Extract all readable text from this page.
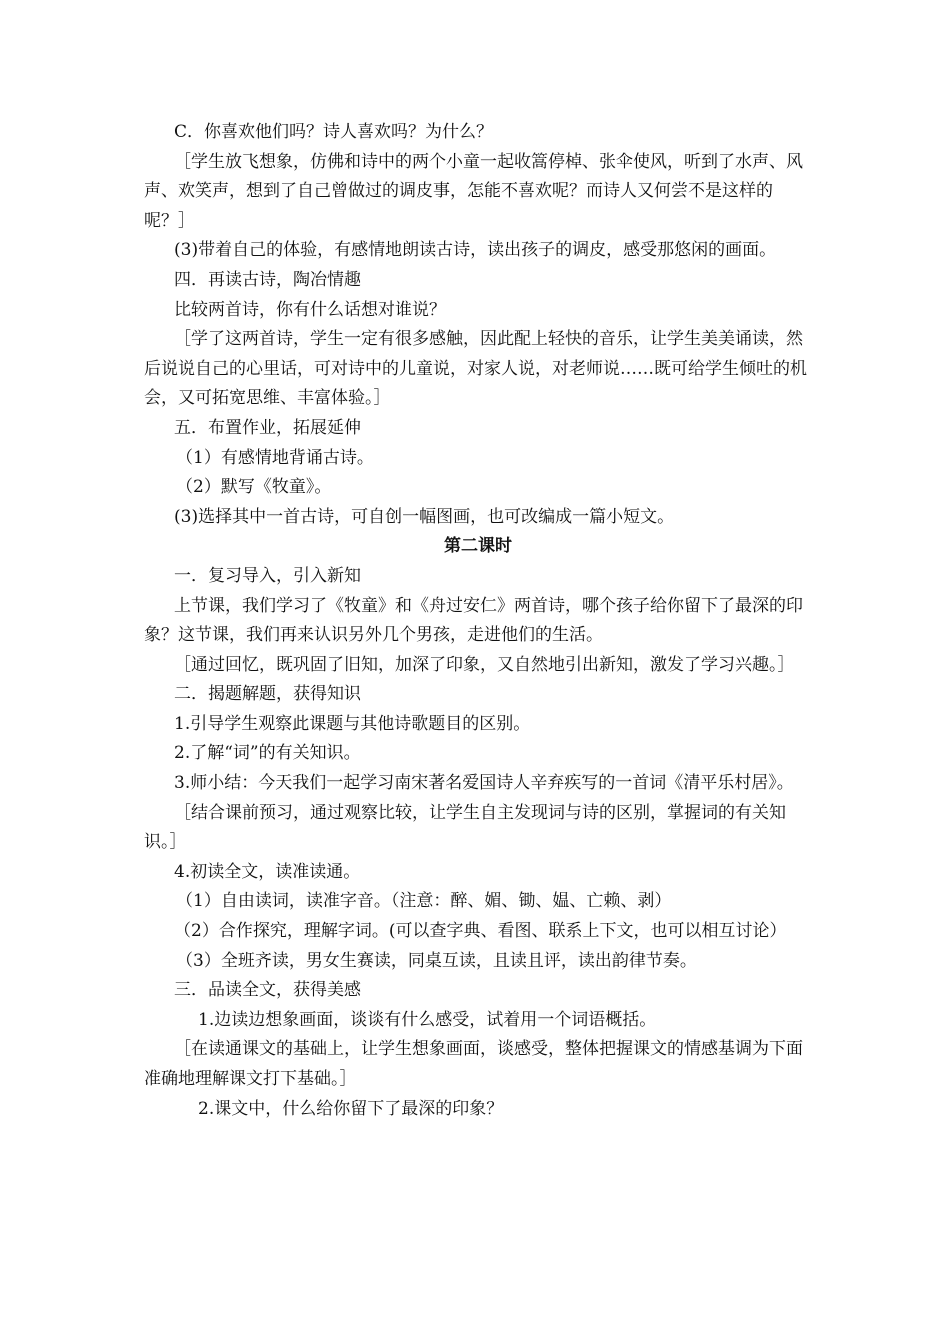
C．你喜欢他们吗？诗人喜欢吗？为什么？
［学生放飞想象，仿佛和诗中的两个小童一起收篙停棹、张伞使风，听到了水声、风声、欢笑声，想到了自己曾做过的调皮事，怎能不喜欢呢？而诗人又何尝不是这样的呢？］
(3)带着自己的体验，有感情地朗读古诗，读出孩子的调皮，感受那悠闲的画面。
四．再读古诗，陶冶情趣
比较两首诗，你有什么话想对谁说？
［学了这两首诗，学生一定有很多感触，因此配上轻快的音乐，让学生美美诵读，然后说说自己的心里话，可对诗中的儿童说，对家人说，对老师说……既可给学生倾吐的机会，又可拓宽思维、丰富体验。］
五．布置作业，拓展延伸
（1）有感情地背诵古诗。
（2）默写《牧童》。
(3)选择其中一首古诗，可自创一幅图画，也可改编成一篇小短文。
第二课时
一．复习导入，引入新知
上节课，我们学习了《牧童》和《舟过安仁》两首诗，哪个孩子给你留下了最深的印象？这节课，我们再来认识另外几个男孩，走进他们的生活。
［通过回忆，既巩固了旧知，加深了印象，又自然地引出新知，激发了学习兴趣。］
二．揭题解题，获得知识
1.引导学生观察此课题与其他诗歌题目的区别。
2.了解“词”的有关知识。
3.师小结：今天我们一起学习南宋著名爱国诗人辛弃疾写的一首词《清平乐村居》。
［结合课前预习，通过观察比较，让学生自主发现词与诗的区别，掌握词的有关知识。］
4.初读全文，读准读通。
（1）自由读词，读准字音。（注意：醉、媚、锄、媪、亡赖、剥）
（2）合作探究，理解字词。(可以查字典、看图、联系上下文，也可以相互讨论）
（3）全班齐读，男女生赛读，同桌互读，且读且评，读出韵律节奏。
三．品读全文，获得美感
1.边读边想象画面，谈谈有什么感受，试着用一个词语概括。
［在读通课文的基础上，让学生想象画面，谈感受，整体把握课文的情感基调为下面准确地理解课文打下基础。］
2.课文中，什么给你留下了最深的印象？
